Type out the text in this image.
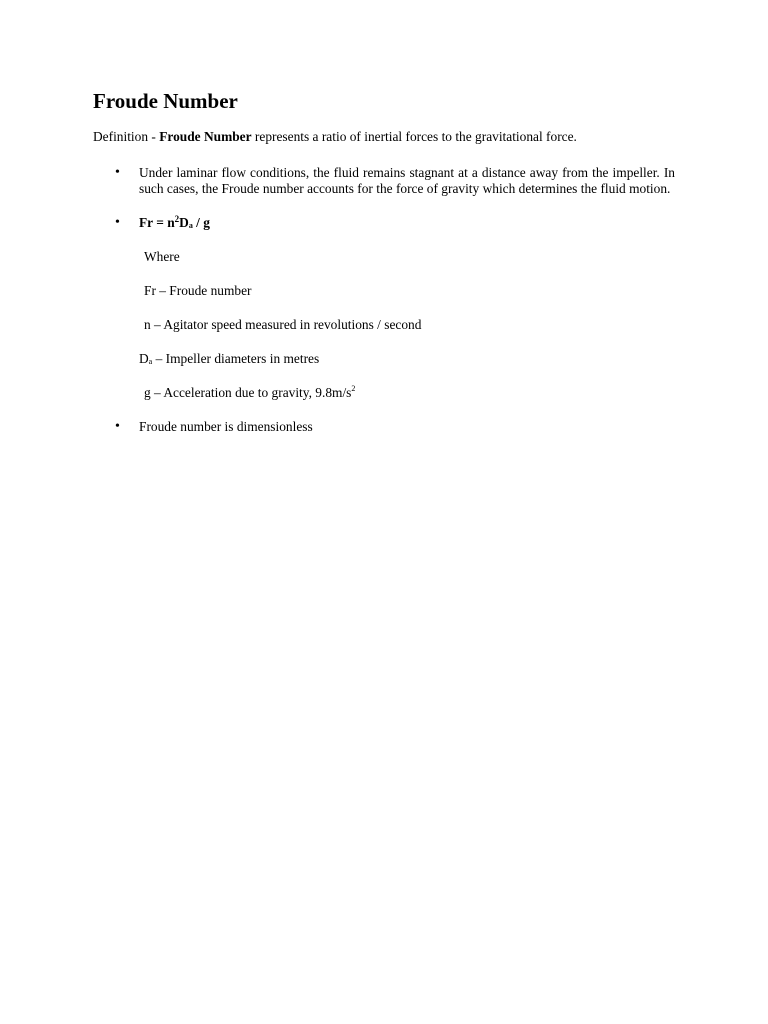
Froude Number

Definition - Froude Number represents a ratio of inertial forces to the gravitational force.

• Under laminar flow conditions, the fluid remains stagnant at a distance away from the impeller. In such cases, the Froude number accounts for the force of gravity which determines the fluid motion.

• $Fr = n^2D_a / g$

Where

Fr – Froude number

n – Agitator speed measured in revolutions / second

$D_a$ – Impeller diameters in metres

g – Acceleration due to gravity, $9.8m/s^2$

• Froude number is dimensionless
